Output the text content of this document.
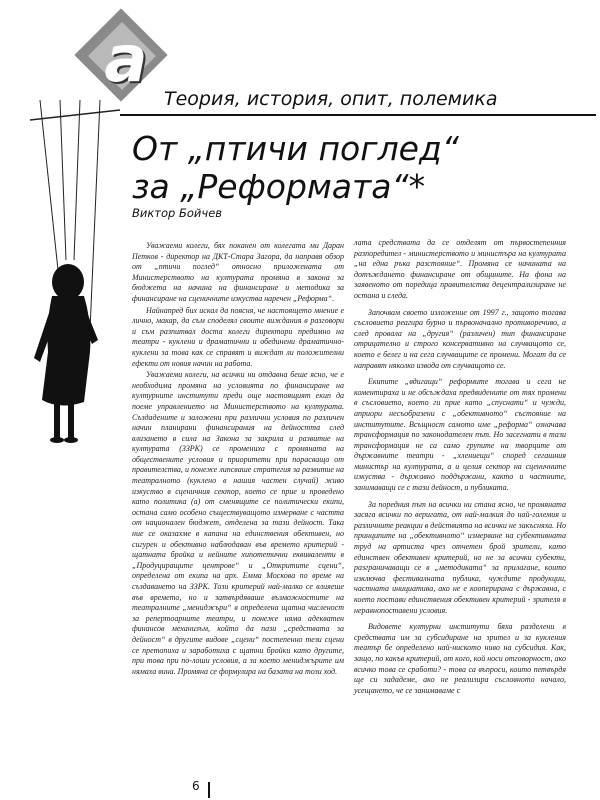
а
Теория, история, опит, полемика
От „птичи поглед“
за „Реформата“*
Виктор Бойчев

Уважаеми колеги, бях поканен от колегата ми Даран Петков - директор на ДКТ-Стара Загора, да направя обзор от „птичи поглед“ относно приложената от Министерството на културата промяна в закона за бюджета на начина на финансиране и методика за финансиране на сценичните изкуства наречен „Реформа“.

Найнапред бих искал да поясня, че настоящето мнение е лично, макар, да съм споделял своите виждания в разговори и съм разпитвал доста колеги директори предимно на театри - куклени и драматични и обединени драматично-куклени за това как се справят и виждат ли положителни ефекти от новия начин на работа.

Уважаеми колеги, на всички ни отдавна беше ясно, че е необходима промяна на условията по финансиране на културните институти преди още настоящият екип да поеме управлението на Министерството на културата. Създадените и заложени при различни условия по различен начин планирани финансирания на дейността след влизането в сила на Закона за закрила и развитие на културата (ЗЗРК) се промениха с промяната на обществените условия и приоритети при порасващо от правителства, и понеже липсваше стратегия за развитие на театралното (куклено в нашия частен случай) живо изкуство в сценичния сектор, което се прие и проведено като политика (а) от сменящите се политически екипи, остана само особено съществуващото измерване с частта от национален бюджет, отделена за тази дейност. Така ние се оказахме в капана на единствения обективен, но сигурен и обективно наблюдаван във времето критерий - щатната бройка и нейните хипотетични еквиваленти в „Продуциращите центрове“ и „Откритите сцени“, определена от екипа на арх. Емма Москова по време на създаването на ЗЗРК. Този критерий най-малко се влияеше във времето, но и затвърдяваше възможностите на театралните „мениджъри“ в определена щатна численост за репертоарните театри, и понеже няма адекватен финансов механизъм, който да пази „средствата за дейност“ в другите видове „сцени“ постепенно тези сцени се претопиха и заработиха с щатни бройки като другите, при това при по-лоши условия, а за което мениджърите им нямаха вина. Промяна се формулира на базата на този ход.

лата средствата да се отделят от първостепенния разпоредител - министерството и министъра на културата „на една ръка разстояние“. Промяна се начината на дотъждането финансиране от общините. На фона на заявеното от поредица правителства децентрализиране не остана и следа.

Започвам своето изложение от 1997 г., защото тогава съсловието реагира бурно и първоначално противоречиво, а след провала на „другия“ (различен) тип финансиране отрицателно и строго консервативно на случващото се, което е белег и на сега случващите се промени. Могат да се направят няколко извода от случващото се.

Екипите „вдигащи“ реформите тогава и сега не коментираха и не обсъждаха предвидените от тях промени в съсловието, което ги прие като „спуснати“ и чужди, априори несъобразени с „обективното“ състояние на институтите. Всъщност самото име „реформа“ означава трансформация по законодателен път. Но засегнати в тази трансформация не са само групите на творците от държавните театри - „хлениещи“ според сегашния министър на културата, а и целия сектор на сценичните изкуства - държавно поддържани, както и частните, занимаващи се с тази дейност, и публиката.

За поредния път на всички ни стана ясно, че промяната засяга всички по веригата, от най-малкия до най-големия и различните реакции в действията на всички не закъсняха. Но принципите на „обективното“ измерване на субективната труд на артиста чрез отчетен брой зрители, като единствен обективен критерий, но не за всички субекти, разграничаващи се в „методиката“ за прилагане, които изключва фестивалната публика, чуждите продукции, частната инициатива, ако не е кооперирана с държавна, с което постави единствения обективен критерий - зрителя в неравнопоставени условия.

Видовете културни институти бяха разделени в средствата им за субсидиране на зрител и за кукления театър бе определено най-ниското ниво на субсидия. Как, защо, по какъв критерий, от кого, кой носи отговорност, ако всичко това се сработи? - това са въпроси, които петвърдя ще си зададеме, ако не реализира съсловното начало, усещането, че се занимаваме с

6
